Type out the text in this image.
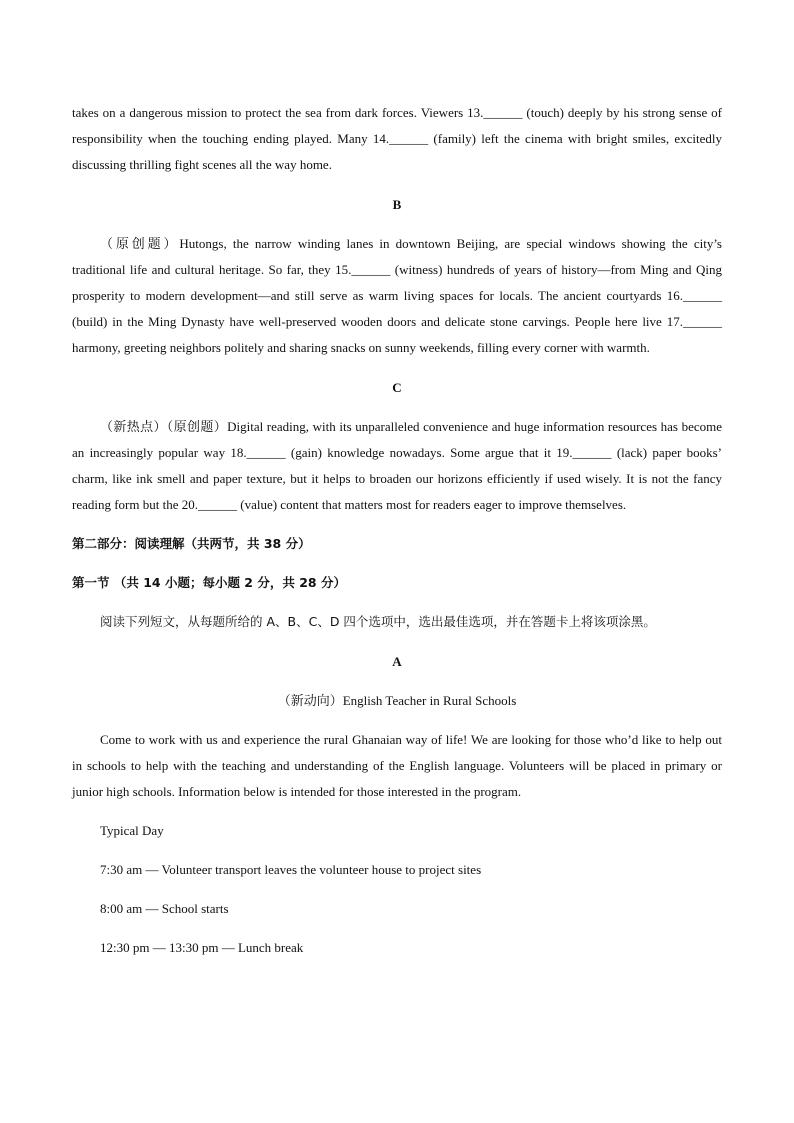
takes on a dangerous mission to protect the sea from dark forces. Viewers 13.______ (touch) deeply by his strong sense of responsibility when the touching ending played. Many 14.______ (family) left the cinema with bright smiles, excitedly discussing thrilling fight scenes all the way home.

B

（原创题）Hutongs, the narrow winding lanes in downtown Beijing, are special windows showing the city’s traditional life and cultural heritage. So far, they 15.______ (witness) hundreds of years of history—from Ming and Qing prosperity to modern development—and still serve as warm living spaces for locals. The ancient courtyards 16.______ (build) in the Ming Dynasty have well-preserved wooden doors and delicate stone carvings. People here live 17.______ harmony, greeting neighbors politely and sharing snacks on sunny weekends, filling every corner with warmth.

C

（新热点）（原创题）Digital reading, with its unparalleled convenience and huge information resources has become an increasingly popular way 18.______ (gain) knowledge nowadays. Some argue that it 19.______ (lack) paper books’ charm, like ink smell and paper texture, but it helps to broaden our horizons efficiently if used wisely. It is not the fancy reading form but the 20.______ (value) content that matters most for readers eager to improve themselves.

第二部分：阅读理解（共两节，共 38 分）

第一节 （共 14 小题；每小题 2 分，共 28 分）

阅读下列短文，从每题所给的 A、B、C、D 四个选项中，选出最佳选项，并在答题卡上将该项涂黑。

A

（新动向）English Teacher in Rural Schools

Come to work with us and experience the rural Ghanaian way of life! We are looking for those who’d like to help out in schools to help with the teaching and understanding of the English language. Volunteers will be placed in primary or junior high schools. Information below is intended for those interested in the program.

Typical Day

7:30 am — Volunteer transport leaves the volunteer house to project sites

8:00 am — School starts

12:30 pm — 13:30 pm — Lunch break
